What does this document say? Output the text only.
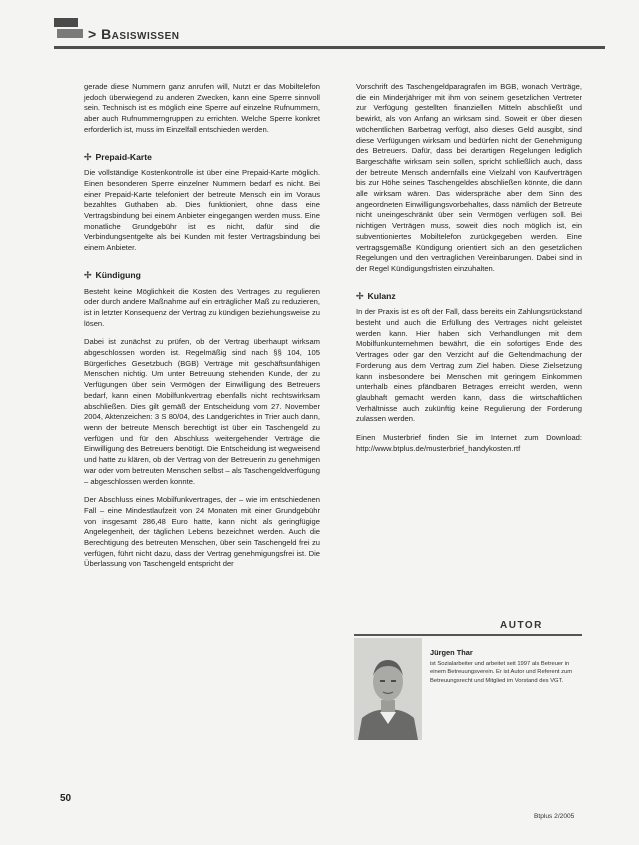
> Basiswissen

gerade diese Nummern ganz anrufen will, Nutzt er das Mobiltelefon jedoch überwiegend zu anderen Zwecken, kann eine Sperre sinnvoll sein. Technisch ist es möglich eine Sperre auf einzelne Rufnummern, aber auch Rufnummerngruppen zu errichten. Welche Sperre konkret erforderlich ist, muss im Einzelfall entschieden werden.

✢ Prepaid-Karte

Die vollständige Kostenkontrolle ist über eine Prepaid-Karte möglich. Einen besonderen Sperre einzelner Nummern bedarf es nicht. Bei einer Prepaid-Karte telefoniert der betreute Mensch ein im Voraus bezahltes Guthaben ab. Dies funktioniert, ohne dass eine Vertragsbindung bei einem Anbieter eingegangen werden muss. Eine monatliche Grundgebühr ist es nicht, dafür sind die Verbindungsentgelte als bei Kunden mit fester Vertragsbindung bei einem Anbieter.

✢ Kündigung

Besteht keine Möglichkeit die Kosten des Vertrages zu regulieren oder durch andere Maßnahme auf ein erträglicher Maß zu reduzieren, ist in letzter Konsequenz der Vertrag zu kündigen beziehungsweise zu lösen.

Dabei ist zunächst zu prüfen, ob der Vertrag überhaupt wirksam abgeschlossen worden ist. Regelmäßig sind nach §§ 104, 105 Bürgerliches Gesetzbuch (BGB) Verträge mit geschäftsunfähigen Menschen nichtig. Um unter Betreuung stehenden Kunde, der zu Verfügungen über sein Vermögen der Einwilligung des Betreuers bedarf, kann einen Mobilfunkvertrag ebenfalls nicht rechtswirksam abschließen. Dies gilt gemäß der Entscheidung vom 27. November 2004, Aktenzeichen: 3 S 80/04, des Landgerichtes in Trier auch dann, wenn der betreute Mensch berechtigt ist über ein Taschengeld zu verfügen und für den Abschluss weitergehender Verträge die Einwilligung des Betreuers benötigt. Die Entscheidung ist wegweisend und hatte zu klären, ob der Vertrag von der Betreuerin zu genehmigen war oder vom betreuten Menschen selbst – als Taschengeldverfügung – abgeschlossen werden konnte.

Der Abschluss eines Mobilfunkvertrages, der – wie im entschiedenen Fall – eine Mindestlaufzeit von 24 Monaten mit einer Grundgebühr von insgesamt 286,48 Euro hatte, kann nicht als geringfügige Angelegenheit, der täglichen Lebens bezeichnet werden. Auch die Berechtigung des betreuten Menschen, über sein Taschengeld frei zu verfügen, führt nicht dazu, dass der Vertrag genehmigungsfrei ist. Die Überlassung von Taschengeld entspricht der

Vorschrift des Taschengeldparagrafen im BGB, wonach Verträge, die ein Minderjähriger mit ihm von seinem gesetzlichen Vertreter zur Verfügung gestellten finanziellen Mitteln abschließt und bewirkt, als von Anfang an wirksam sind. Soweit er über diesen wöchentlichen Barbetrag verfügt, also dieses Geld ausgibt, sind diese Verfügungen wirksam und bedürfen nicht der Genehmigung des Betreuers. Dafür, dass bei derartigen Regelungen lediglich Bargeschäfte wirksam sein sollen, spricht schließlich auch, dass der betreute Mensch andernfalls eine Vielzahl von Kaufverträgen bis zur Höhe seines Taschengeldes abschließen könnte, die dann alle wirksam wären. Das widerspräche aber dem Sinn des angeordneten Einwilligungsvorbehaltes, dass nämlich der Betreute nicht uneingeschränkt über sein Vermögen verfügen soll. Bei nichtigen Verträgen muss, soweit dies noch möglich ist, ein subventioniertes Mobiltelefon zurückgegeben werden. Eine vertragsgemäße Kündigung orientiert sich an den gesetzlichen Regelungen und den vertraglichen Vereinbarungen. Dabei sind in der Regel Kündigungsfristen einzuhalten.

✢ Kulanz

In der Praxis ist es oft der Fall, dass bereits ein Zahlungsrückstand besteht und auch die Erfüllung des Vertrages nicht geleistet werden kann. Hier haben sich Verhandlungen mit dem Mobilfunkunternehmen bewährt, die ein sofortiges Ende des Vertrages oder gar den Verzicht auf die Geltendmachung der Forderung aus dem Vertrag zum Ziel haben. Diese Zielsetzung kann insbesondere bei Menschen mit geringem Einkommen unterhalb eines pfändbaren Betrages erreicht werden, wenn glaubhaft gemacht werden kann, dass die wirtschaftlichen Verhältnisse auch zukünftig keine Regulierung der Forderung zulassen werden.

Einen Musterbrief finden Sie im Internet zum Download: http://www.btplus.de/musterbrief_handykosten.rtf

AUTOR
Jürgen Thar
ist Sozialarbeiter und arbeitet seit 1997 als Betreuer in einem Betreuungsverein. Er ist Autor und Referent zum Betreuungsrecht und Mitglied im Vorstand des VGT.
50
Btplus 2/2005
